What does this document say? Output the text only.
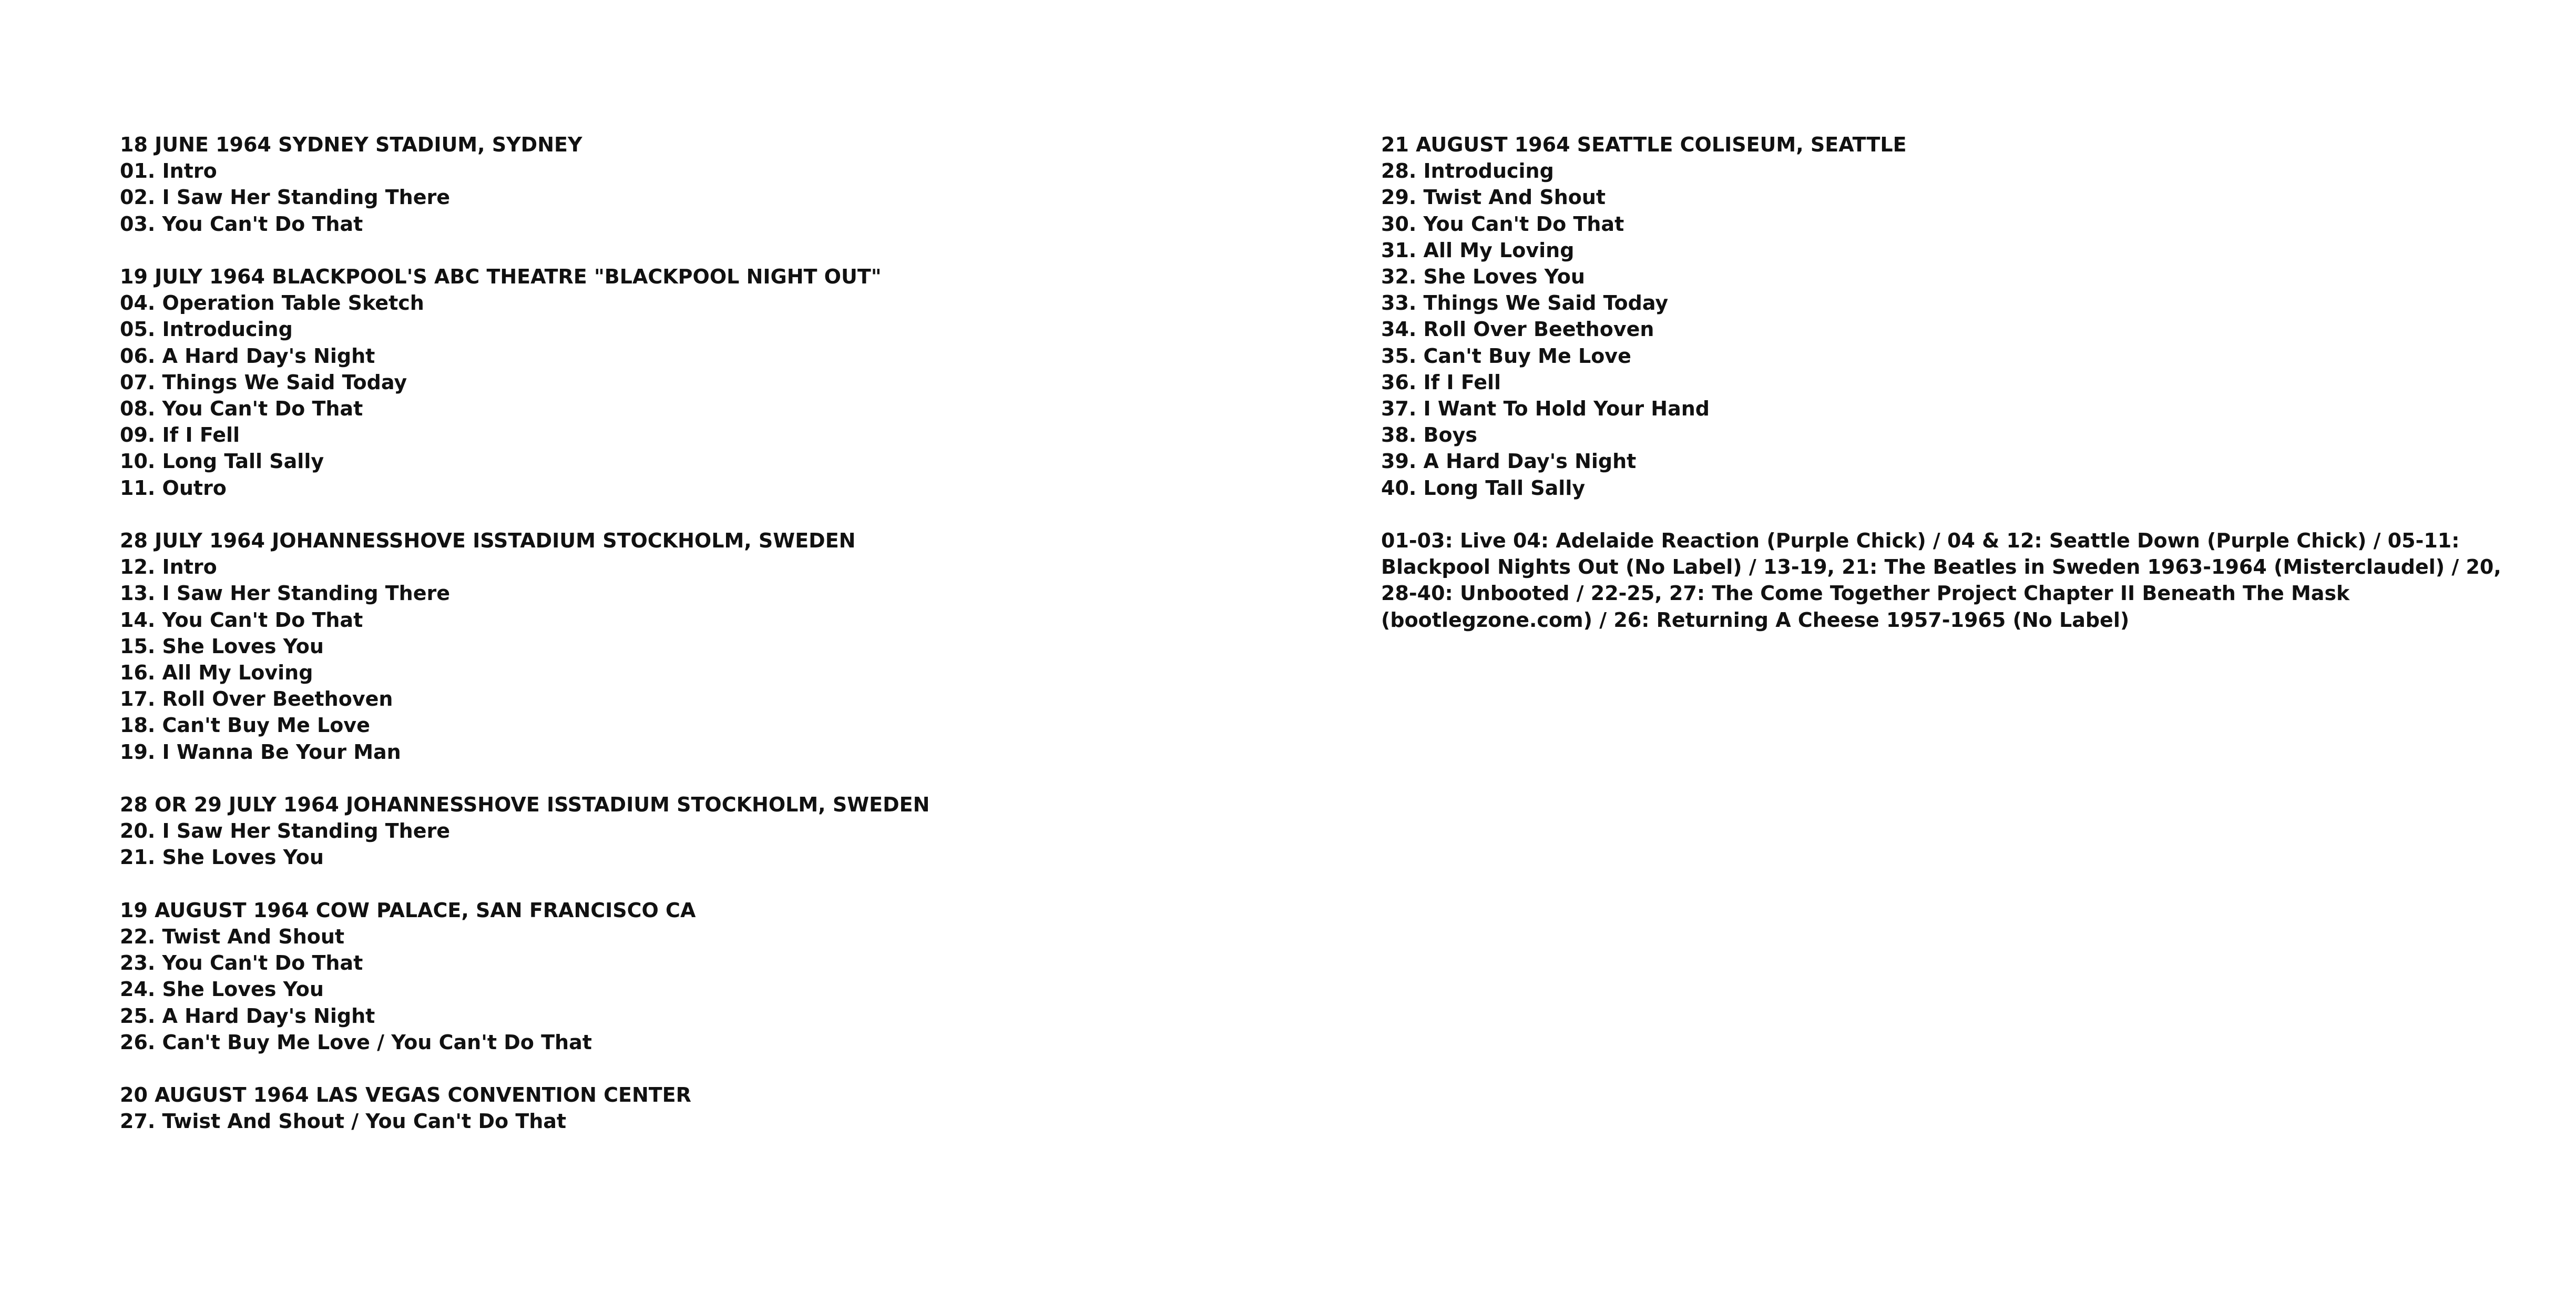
18 JUNE 1964 SYDNEY STADIUM, SYDNEY
01. Intro
02. I Saw Her Standing There
03. You Can't Do That
19 JULY 1964 BLACKPOOL'S ABC THEATRE "BLACKPOOL NIGHT OUT"
04. Operation Table Sketch
05. Introducing
06. A Hard Day's Night
07. Things We Said Today
08. You Can't Do That
09. If I Fell
10. Long Tall Sally
11. Outro
28 JULY 1964 JOHANNESSHOVE ISSTADIUM STOCKHOLM, SWEDEN
12. Intro
13. I Saw Her Standing There
14. You Can't Do That
15. She Loves You
16. All My Loving
17. Roll Over Beethoven
18. Can't Buy Me Love
19. I Wanna Be Your Man
28 OR 29 JULY 1964 JOHANNESSHOVE ISSTADIUM STOCKHOLM, SWEDEN
20. I Saw Her Standing There
21. She Loves You
19 AUGUST 1964 COW PALACE, SAN FRANCISCO CA
22. Twist And Shout
23. You Can't Do That
24. She Loves You
25. A Hard Day's Night
26. Can't Buy Me Love / You Can't Do That
20 AUGUST 1964 LAS VEGAS CONVENTION CENTER
27. Twist And Shout / You Can't Do That
21 AUGUST 1964 SEATTLE COLISEUM, SEATTLE
28. Introducing
29. Twist And Shout
30. You Can't Do That
31. All My Loving
32. She Loves You
33. Things We Said Today
34. Roll Over Beethoven
35. Can't Buy Me Love
36. If I Fell
37. I Want To Hold Your Hand
38. Boys
39. A Hard Day's Night
40. Long Tall Sally

01-03: Live 04: Adelaide Reaction (Purple Chick) / 04 & 12: Seattle Down (Purple Chick) / 05-11: Blackpool Nights Out (No Label) / 13-19, 21: The Beatles in Sweden 1963-1964 (Misterclaudel) / 20, 28-40: Unbooted / 22-25, 27: The Come Together Project Chapter II Beneath The Mask (bootlegzone.com) / 26: Returning A Cheese 1957-1965 (No Label)
